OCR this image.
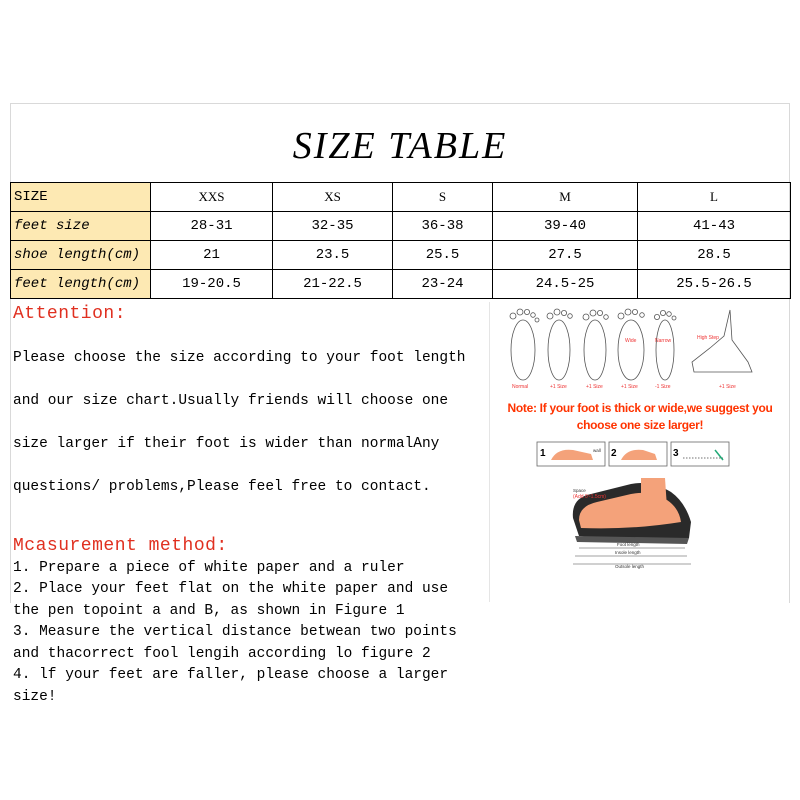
SIZE TABLE
SIZE	XXS	XS	S	M	L
feet size	28-31	32-35	36-38	39-40	41-43
shoe length(cm)	21	23.5	25.5	27.5	28.5
feet length(cm)	19-20.5	21-22.5	23-24	24.5-25	25.5-26.5
Attention:

Please choose the size according to your foot length

and our size chart.Usually friends will choose one

size larger if their foot is wider than normalAny

questions/ problems,Please feel free to contact.

Mcasurement method:
1. Prepare a piece of white paper and a ruler
2. Place your feet flat on the white paper and use
the pen topoint a and B, as shown in Figure 1
3. Measure the vertical distance betwean two points
and thacorrect fool lengih according lo figure 2
4. lf your feet are faller, please choose a larger
size!
Wide	Narrow	High Step
Normal	+1 Size	+1 Size	+1 Size	-1 Size	+1 Size
1	2	3
wall
Space
(Add 0~1.5cm)
Foot length
Insole length
Outsole length
Note: If your foot is thick or wide,we suggest you
choose one size larger!
